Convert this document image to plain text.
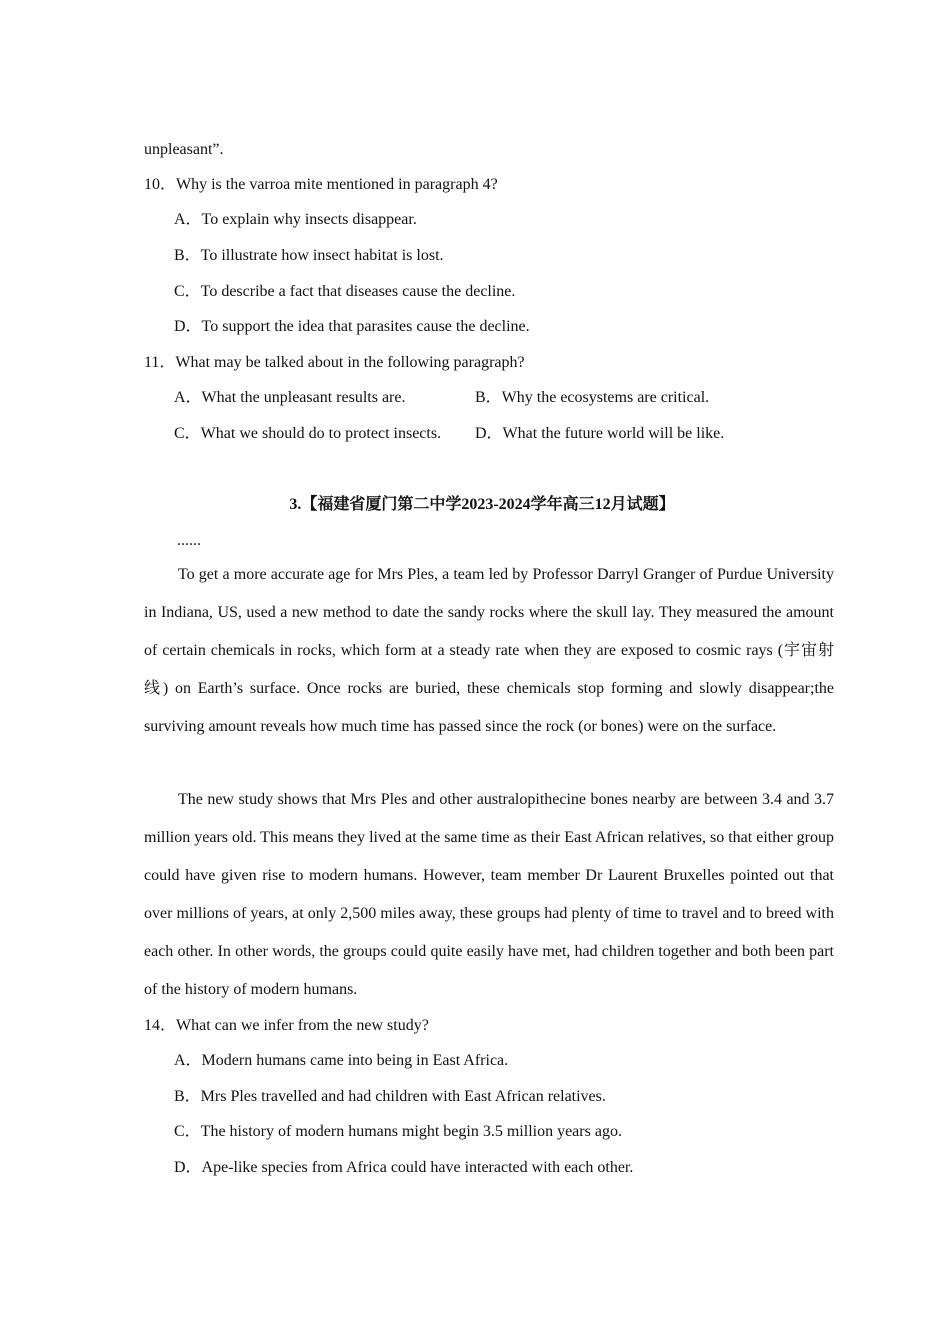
unpleasant”.
10．Why is the varroa mite mentioned in paragraph 4?
A．To explain why insects disappear.
B．To illustrate how insect habitat is lost.
C．To describe a fact that diseases cause the decline.
D．To support the idea that parasites cause the decline.
11．What may be talked about in the following paragraph?
A．What the unpleasant results are.	B．Why the ecosystems are critical.
C．What we should do to protect insects. D．What the future world will be like.
3.【福建省厦门第二中学2023-2024学年高三12月试题】
......
To get a more accurate age for Mrs Ples, a team led by Professor Darryl Granger of Purdue University in Indiana, US, used a new method to date the sandy rocks where the skull lay. They measured the amount of certain chemicals in rocks, which form at a steady rate when they are exposed to cosmic rays (宇宙射线) on Earth’s surface. Once rocks are buried, these chemicals stop forming and slowly disappear;the surviving amount reveals how much time has passed since the rock (or bones) were on the surface.
The new study shows that Mrs Ples and other australopithecine bones nearby are between 3.4 and 3.7 million years old. This means they lived at the same time as their East African relatives, so that either group could have given rise to modern humans. However, team member Dr Laurent Bruxelles pointed out that over millions of years, at only 2,500 miles away, these groups had plenty of time to travel and to breed with each other. In other words, the groups could quite easily have met, had children together and both been part of the history of modern humans.
14．What can we infer from the new study?
A．Modern humans came into being in East Africa.
B．Mrs Ples travelled and had children with East African relatives.
C．The history of modern humans might begin 3.5 million years ago.
D．Ape-like species from Africa could have interacted with each other.
